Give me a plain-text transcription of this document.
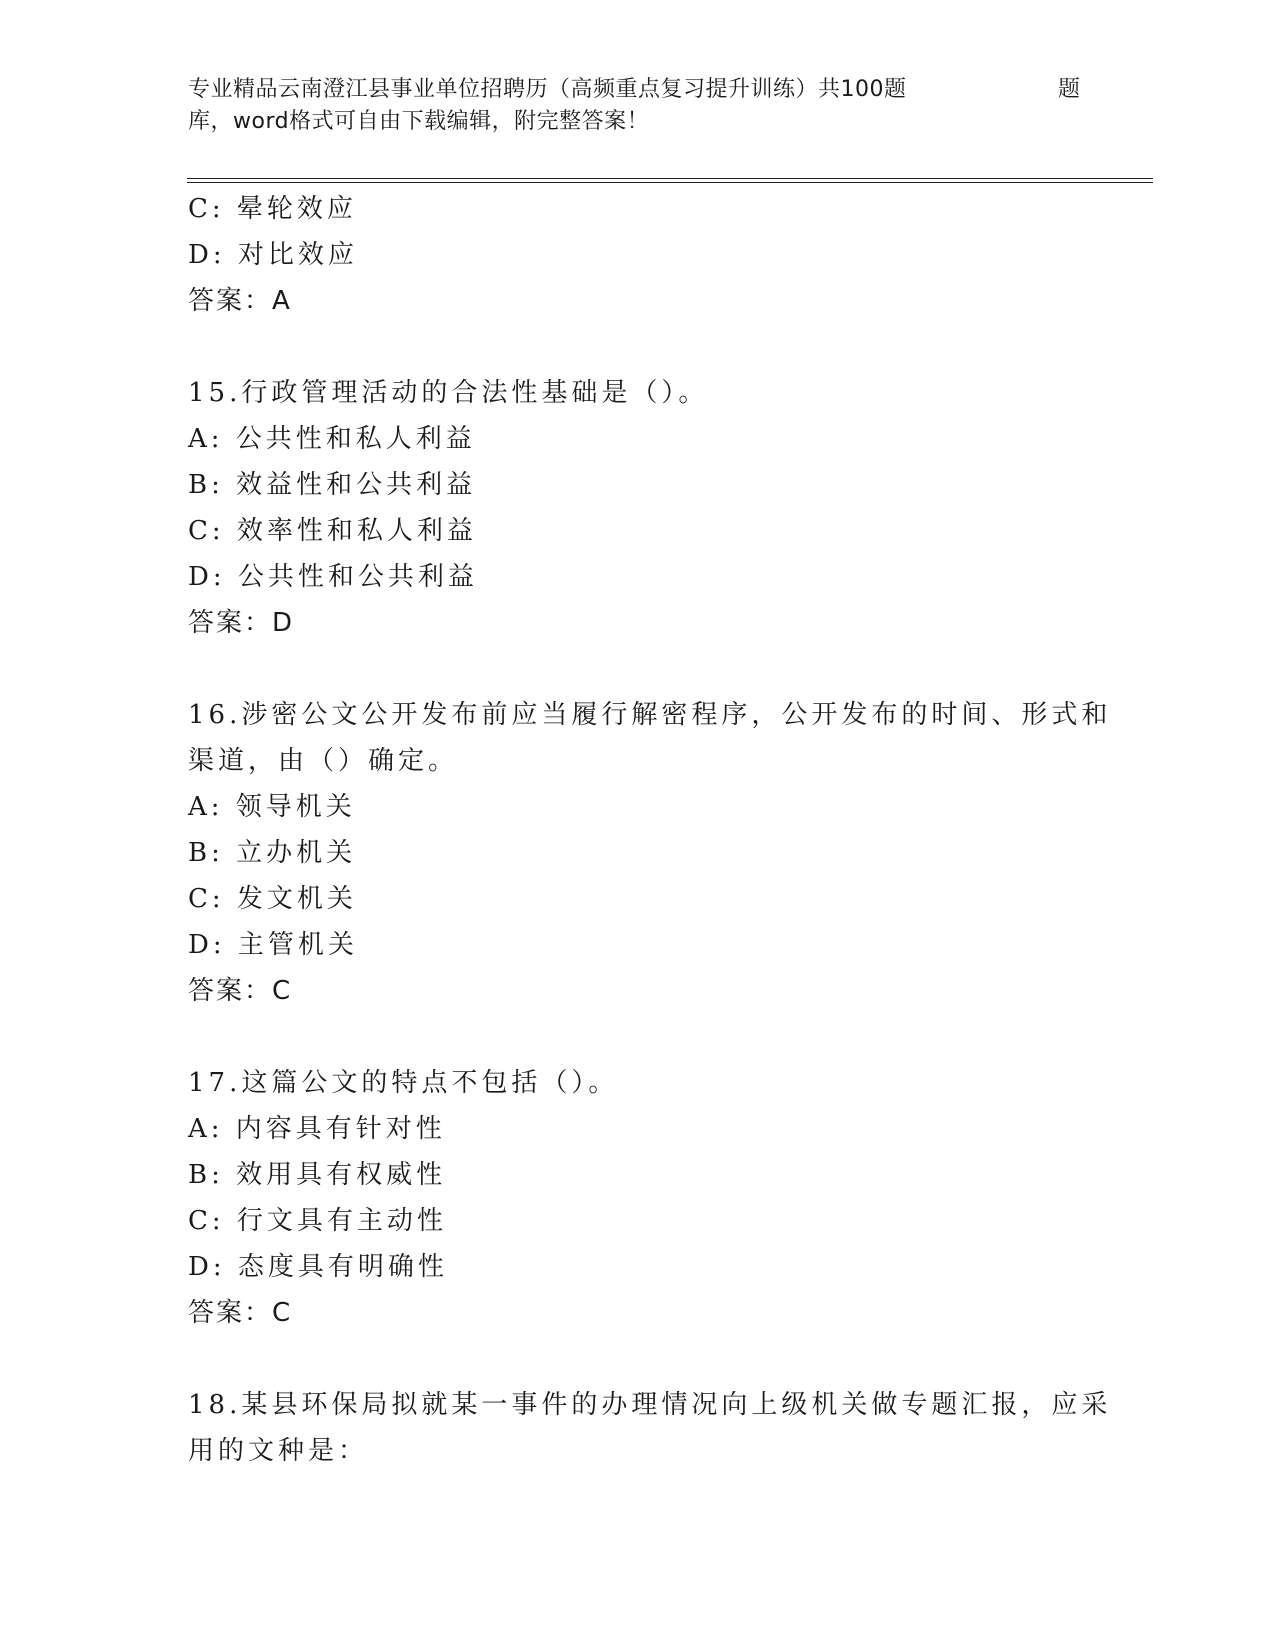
专业精品云南澄江县事业单位招聘历（高频重点复习提升训练）共100题	题
库，word格式可自由下载编辑，附完整答案！
C: 晕轮效应
D: 对比效应
答案：A
15.行政管理活动的合法性基础是（）。
A: 公共性和私人利益
B: 效益性和公共利益
C: 效率性和私人利益
D: 公共性和公共利益
答案：D
16.涉密公文公开发布前应当履行解密程序，公开发布的时间、形式和
渠道，由（）确定。
A: 领导机关
B: 立办机关
C: 发文机关
D: 主管机关
答案：C
17.这篇公文的特点不包括（）。
A: 内容具有针对性
B: 效用具有权威性
C: 行文具有主动性
D: 态度具有明确性
答案：C
18.某县环保局拟就某一事件的办理情况向上级机关做专题汇报，应采
用的文种是：
